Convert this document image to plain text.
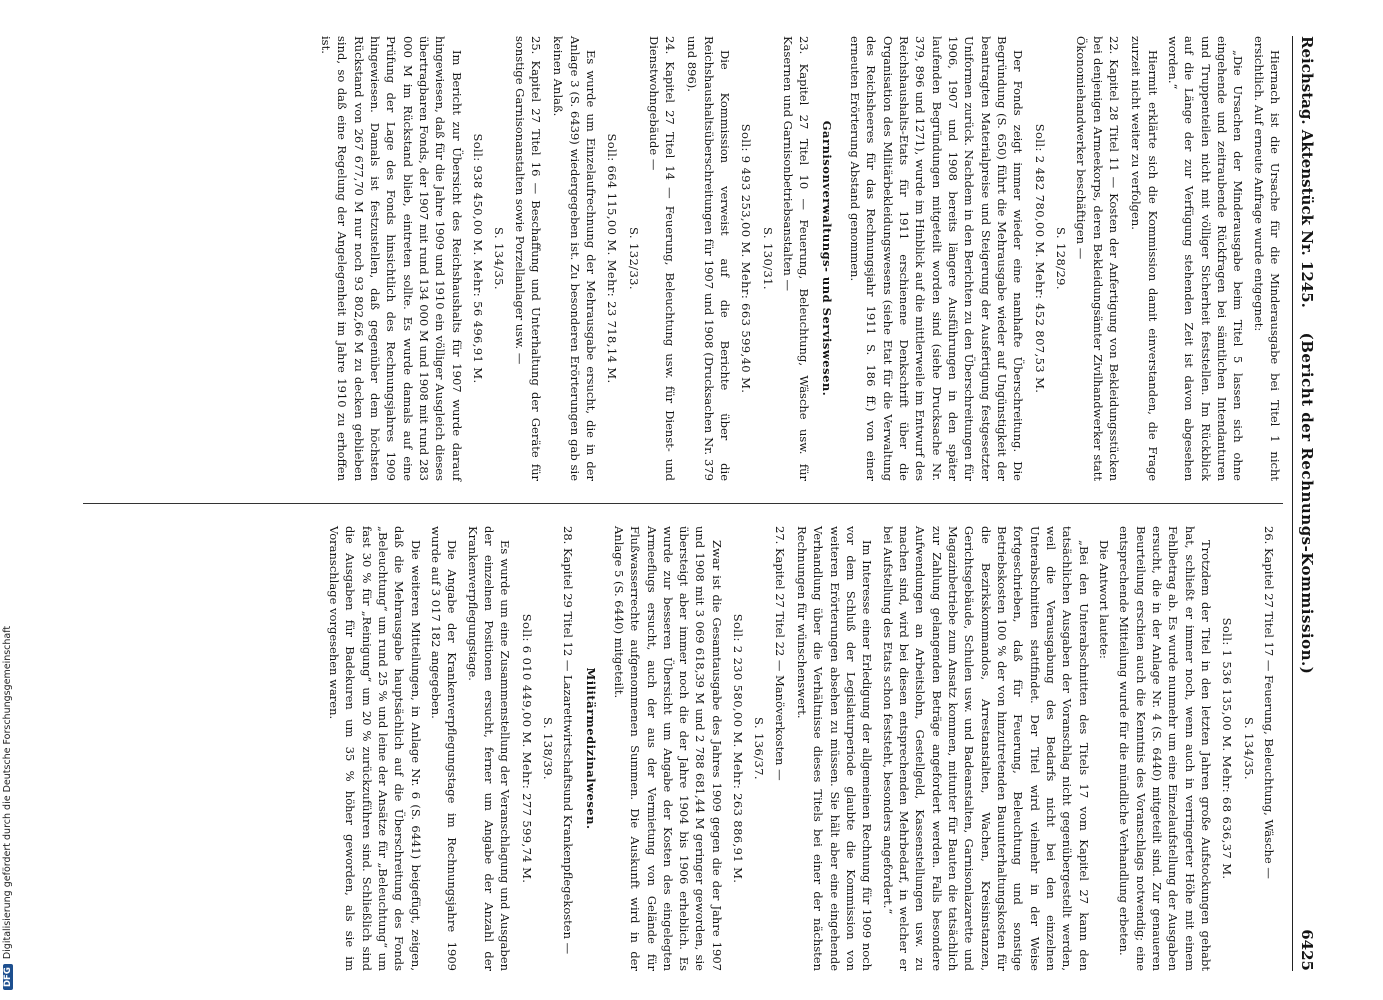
Reichstag. Aktenstück Nr. 1245.
(Bericht der Rechnungs-Kommission.)
6425

Hiernach ist die Ursache für die Minderausgabe bei Titel 1 nicht ersichtlich. Auf erneute Anfrage wurde entgegnet:

„Die Ursachen der Minderausgabe beim Titel 5 lassen sich ohne eingehende und zeitraubende Rückfragen bei sämtlichen Intendanturen und Truppenteilen nicht mit völliger Sicherheit feststellen. Im Rückblick auf die Länge der zur Verfügung stehenden Zeit ist davon abgesehen worden.“

Hiermit erklärte sich die Kommission damit einverstanden, die Frage zurzeit nicht weiter zu verfolgen.

22. Kapitel 28 Titel 11 — Kosten der Anfertigung von Bekleidungsstücken bei denjenigen Armeekorps, deren Bekleidungsämter Zivilhandwerker statt Ökonomiehandwerker beschäftigen —

S. 128/29.

Soll: 2 482 780,00 M. Mehr: 452 807,53 M.

Der Fonds zeigt immer wieder eine namhafte Überschreitung. Die Begründung (S. 650) führt die Mehrausgabe wieder auf Ungünstigkeit der beantragten Materialpreise und Steigerung der Ausfertigung festgesetzter Uniformen zurück. Nachdem in den Berichten zu den Überschreitungen für 1906, 1907 und 1908 bereits längere Ausführungen in den später laufenden Begründungen mitgeteilt worden sind (siehe Drucksache Nr. 379, 896 und 1271), wurde im Hinblick auf die mittlerweile im Entwurf des Reichshaushalts-Etats für 1911 erschienene Denkschrift über die Organisation des Militärbekleidungswesens (siehe Etat für die Verwaltung des Reichsheeres für das Rechnungsjahr 1911 S. 186 ff.) von einer erneuten Erörterung Abstand genommen.

Garnisonverwaltungs- und Serviswesen.

23. Kapitel 27 Titel 10 — Feuerung, Beleuchtung, Wäsche usw. für Kasernen und Garnisonbetriebsanstalten —

S. 130/31.

Soll: 9 493 253,00 M. Mehr: 663 599,40 M.

Die Kommission verweist auf die Berichte über die Reichshaushaltsüberschreitungen für 1907 und 1908 (Drucksachen Nr. 379 und 896).

24. Kapitel 27 Titel 14 — Feuerung, Beleuchtung usw. für Dienst- und Dienstwohngebäude —

S. 132/33.

Soll: 664 115,00 M. Mehr: 23 718,14 M.

Es wurde um Einzelaufrechnung der Mehrausgabe ersucht, die in der Anlage 3 (S. 6439) wiedergegeben ist. Zu besonderen Erörterungen gab sie keinen Anlaß.

25. Kapitel 27 Titel 16 — Beschaffung und Unterhaltung der Geräte für sonstige Garnisonanstalten sowie Porzellanlager usw. —

S. 134/35.

Soll: 938 450,00 M. Mehr: 56 496,91 M.

Im Bericht zur Übersicht des Reichshaushalts für 1907 wurde darauf hingewiesen, daß für die Jahre 1909 und 1910 ein völliger Ausgleich dieses übertragbaren Fonds, der 1907 mit rund 134 000 M und 1908 mit rund 283 000 M im Rückstand blieb, eintreten sollte. Es wurde damals auf eine Prüfung der Lage des Fonds hinsichtlich des Rechnungsjahres 1909 hingewiesen. Damals ist festzustellen, daß gegenüber dem höchsten Rückstand von 267 677,70 M nur noch 93 802,66 M zu decken geblieben sind, so daß eine Regelung der Angelegenheit im Jahre 1910 zu erhoffen ist.

26. Kapitel 27 Titel 17 — Feuerung, Beleuchtung, Wäsche —

S. 134/35.

Soll: 1 536 135,00 M. Mehr: 68 636,37 M.

Trotzdem der Titel in den letzten Jahren große Aufstockungen gehabt hat, schließt er immer noch, wenn auch in verringerter Höhe mit einem Fehlbetrag ab. Es wurde nunmehr um eine Einzelaufstellung der Ausgaben ersucht, die in der Anlage Nr. 4 (S. 6440) mitgeteilt sind. Zur genaueren Beurteilung erschien auch die Kenntnis des Voranschlags notwendig; eine entsprechende Mitteilung wurde für die mündliche Verhandlung erbeten.

Die Antwort lautete:

„Bei den Unterabschnitten des Titels 17 vom Kapitel 27 kann den tatsächlichen Ausgaben der Voranschlag nicht gegenübergestellt werden, weil die Verausgabung des Bedarfs nicht bei den einzelnen Unterabschnitten stattfindet. Der Titel wird vielmehr in der Weise fortgeschrieben, daß für Feuerung, Beleuchtung und sonstige Betriebskosten 100 % der von hinzutretenden Bauunterhaltungskosten für die Bezirkskommandos, Arrestanstalten, Wachen, Kreisinstanzen, Gerichtsgebäude, Schulen usw. und Badeanstalten, Garnisonlazarette und Magazinbetriebe zum Ansatz kommen, mitunter für Bauten die tatsächlich zur Zahlung gelangenden Beträge angefordert werden. Falls besondere Aufwendungen an Arbeitslohn, Gestellgeld, Kassenstellungen usw. zu machen sind, wird bei diesen entsprechenden Mehrbedarf, in welcher er bei Aufstellung des Etats schon feststeht, besonders angefordert.“

Im Interesse einer Erledigung der allgemeinen Rechnung für 1909 noch vor dem Schluß der Legislaturperiode glaubte die Kommission von weiteren Erörterungen absehen zu müssen. Sie hält aber eine eingehende Verhandlung über die Verhältnisse dieses Titels bei einer der nächsten Rechnungen für wünschenswert.

27. Kapitel 27 Titel 22 — Manöverkosten —

S. 136/37.

Soll: 2 230 580,00 M. Mehr: 263 886,91 M.

Zwar ist die Gesamtausgabe des Jahres 1909 gegen die der Jahre 1907 und 1908 mit 3 069 618,39 M und 2 788 681,44 M geringer geworden, sie übersteigt aber immer noch die der Jahre 1904 bis 1906 erheblich. Es wurde zur besseren Übersicht um Angabe der Kosten des eingelegten Armeeflugs ersucht, auch der aus der Vermietung von Gelände für Flußwasserrechte aufgenommenen Summen. Die Auskunft wird in der Anlage 5 (S. 6440) mitgeteilt.

Militärmedizinalwesen.

28. Kapitel 29 Titel 12 — Lazarettwirtschaftsund Krankenpflegekosten —

S. 138/39.

Soll: 6 010 449,00 M. Mehr: 277 599,74 M.

Es wurde um eine Zusammenstellung der Veranschlagung und Ausgaben der einzelnen Positionen ersucht, ferner um Angabe der Anzahl der Krankenverpflegungstage.

Die Angabe der Krankenverpflegungstage im Rechnungsjahre 1909 wurde auf 3 017 182 angegeben.

Die weiteren Mitteilungen, in Anlage Nr. 6 (S. 6441) beigefügt, zeigen, daß die Mehrausgabe hauptsächlich auf die Überschreitung des Fonds „Beleuchtung“ um rund 25 % und leine der Ansätze für „Beleuchtung“ um fast 30 % für „Reinigung“ um 20 % zurückzuführen sind. Schließlich sind die Ausgaben für Badekuren um 35 % höher geworden, als sie im Voranschlage vorgesehen waren.

DFGDigitalisierung gefördert durch die Deutsche Forschungsgemeinschaft
